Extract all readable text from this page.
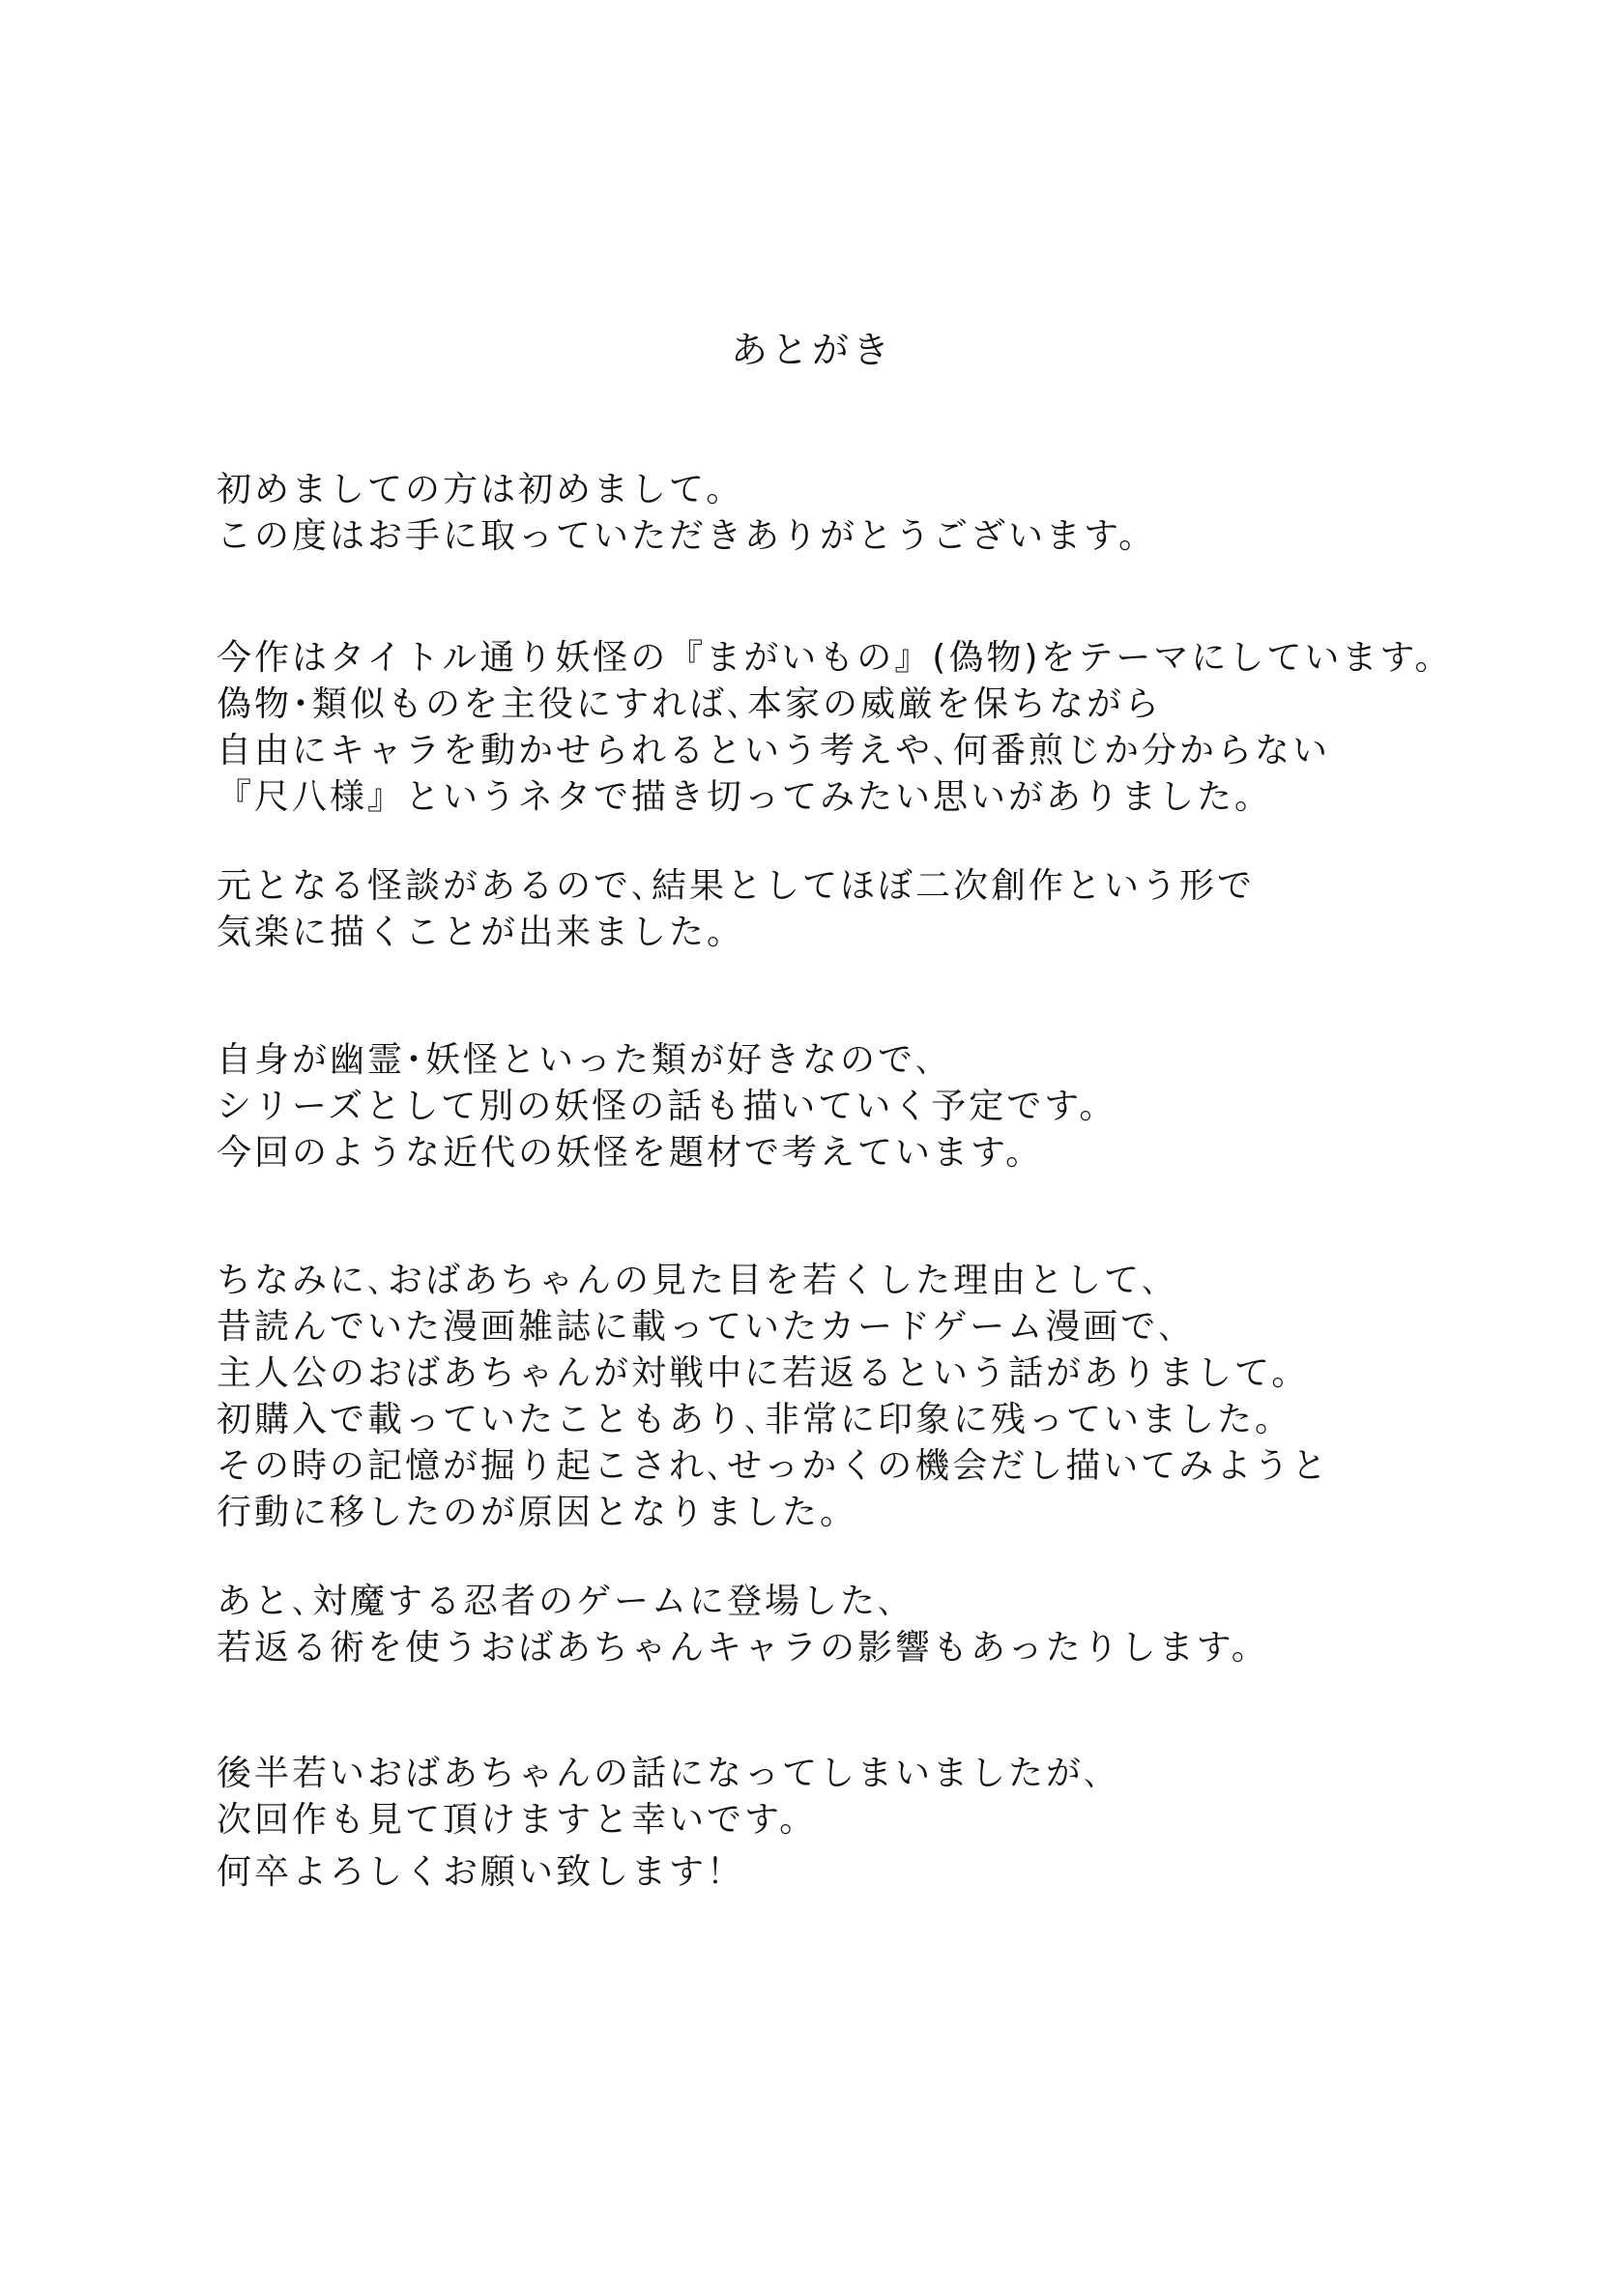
あとがき
初めましての方は初めまして。
この度はお手に取っていただきありがとうございます。
今作はタイトル通り妖怪の『まがいもの』(偽物)をテーマにしています。
偽物･類似ものを主役にすれば､本家の威厳を保ちながら
自由にキャラを動かせられるという考えや､何番煎じか分からない
『尺八様』というネタで描き切ってみたい思いがありました。
元となる怪談があるので､結果としてほぼ二次創作という形で
気楽に描くことが出来ました。
自身が幽霊･妖怪といった類が好きなので､
シリーズとして別の妖怪の話も描いていく予定です。
今回のような近代の妖怪を題材で考えています。
ちなみに､おばあちゃんの見た目を若くした理由として､
昔読んでいた漫画雑誌に載っていたカードゲーム漫画で､
主人公のおばあちゃんが対戦中に若返るという話がありまして。
初購入で載っていたこともあり､非常に印象に残っていました。
その時の記憶が掘り起こされ､せっかくの機会だし描いてみようと
行動に移したのが原因となりました。
あと､対魔する忍者のゲームに登場した､
若返る術を使うおばあちゃんキャラの影響もあったりします。
後半若いおばあちゃんの話になってしまいましたが､
次回作も見て頂けますと幸いです。
何卒よろしくお願い致します！
